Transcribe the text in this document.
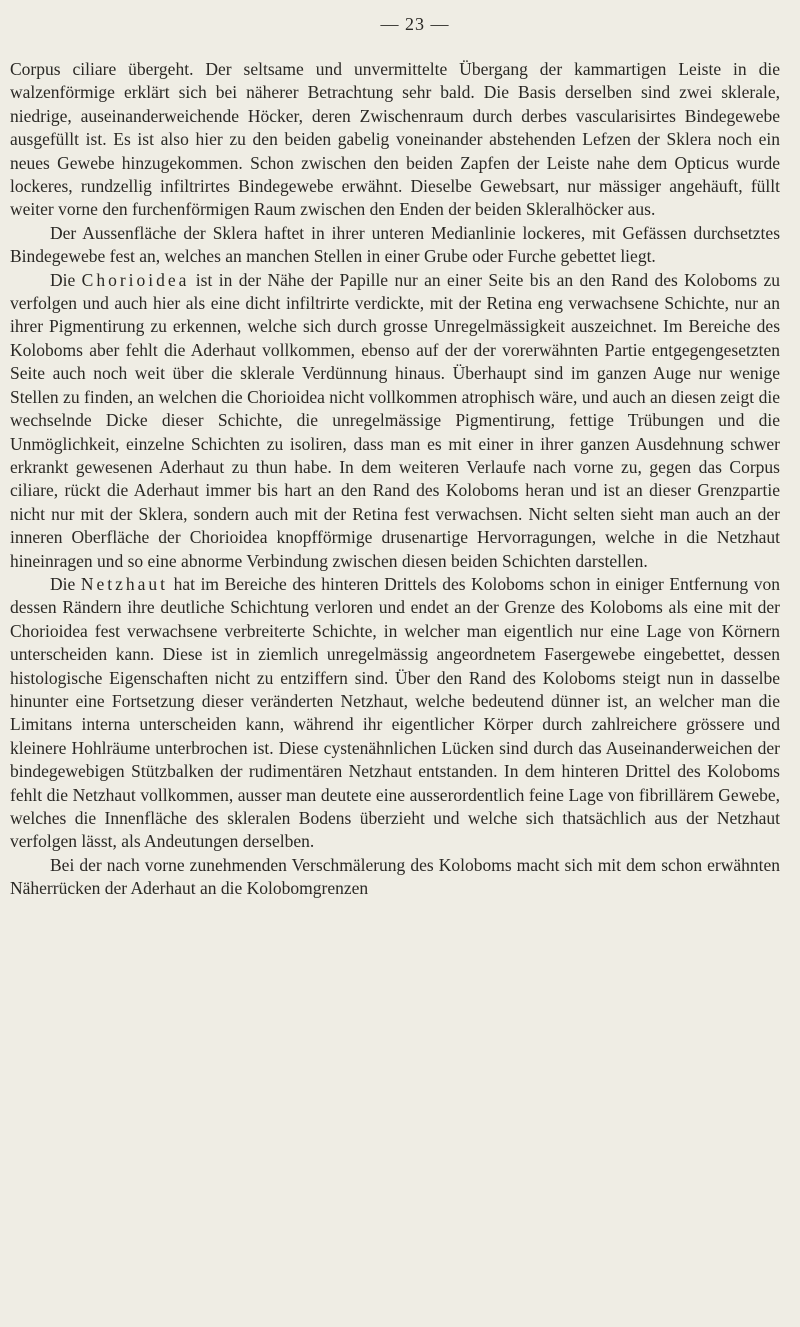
— 23 —

Corpus ciliare übergeht. Der seltsame und unvermittelte Übergang der kammartigen Leiste in die walzenförmige erklärt sich bei näherer Betrachtung sehr bald. Die Basis derselben sind zwei sklerale, niedrige, auseinanderweichende Höcker, deren Zwischenraum durch derbes vascularisirtes Bindegewebe ausgefüllt ist. Es ist also hier zu den beiden gabelig voneinander abstehenden Lefzen der Sklera noch ein neues Gewebe hinzugekommen. Schon zwischen den beiden Zapfen der Leiste nahe dem Opticus wurde lockeres, rundzellig infiltrirtes Bindegewebe erwähnt. Dieselbe Gewebsart, nur mässiger angehäuft, füllt weiter vorne den furchenförmigen Raum zwischen den Enden der beiden Skleralhöcker aus.

Der Aussenfläche der Sklera haftet in ihrer unteren Medianlinie lockeres, mit Gefässen durchsetztes Bindegewebe fest an, welches an manchen Stellen in einer Grube oder Furche gebettet liegt.

Die Chorioidea ist in der Nähe der Papille nur an einer Seite bis an den Rand des Koloboms zu verfolgen und auch hier als eine dicht infiltrirte verdickte, mit der Retina eng verwachsene Schichte, nur an ihrer Pigmentirung zu erkennen, welche sich durch grosse Unregelmässigkeit auszeichnet. Im Bereiche des Koloboms aber fehlt die Aderhaut vollkommen, ebenso auf der der vorerwähnten Partie entgegengesetzten Seite auch noch weit über die sklerale Verdünnung hinaus. Überhaupt sind im ganzen Auge nur wenige Stellen zu finden, an welchen die Chorioidea nicht vollkommen atrophisch wäre, und auch an diesen zeigt die wechselnde Dicke dieser Schichte, die unregelmässige Pigmentirung, fettige Trübungen und die Unmöglichkeit, einzelne Schichten zu isoliren, dass man es mit einer in ihrer ganzen Ausdehnung schwer erkrankt gewesenen Aderhaut zu thun habe. In dem weiteren Verlaufe nach vorne zu, gegen das Corpus ciliare, rückt die Aderhaut immer bis hart an den Rand des Koloboms heran und ist an dieser Grenzpartie nicht nur mit der Sklera, sondern auch mit der Retina fest verwachsen. Nicht selten sieht man auch an der inneren Oberfläche der Chorioidea knopfförmige drusenartige Hervorragungen, welche in die Netzhaut hineinragen und so eine abnorme Verbindung zwischen diesen beiden Schichten darstellen.

Die Netzhaut hat im Bereiche des hinteren Drittels des Koloboms schon in einiger Entfernung von dessen Rändern ihre deutliche Schichtung verloren und endet an der Grenze des Koloboms als eine mit der Chorioidea fest verwachsene verbreiterte Schichte, in welcher man eigentlich nur eine Lage von Körnern unterscheiden kann. Diese ist in ziemlich unregelmässig angeordnetem Fasergewebe eingebettet, dessen histologische Eigenschaften nicht zu entziffern sind. Über den Rand des Koloboms steigt nun in dasselbe hinunter eine Fortsetzung dieser veränderten Netzhaut, welche bedeutend dünner ist, an welcher man die Limitans interna unterscheiden kann, während ihr eigentlicher Körper durch zahlreichere grössere und kleinere Hohlräume unterbrochen ist. Diese cystenähnlichen Lücken sind durch das Auseinanderweichen der bindegewebigen Stützbalken der rudimentären Netzhaut entstanden. In dem hinteren Drittel des Koloboms fehlt die Netzhaut vollkommen, ausser man deutete eine ausserordentlich feine Lage von fibrillärem Gewebe, welches die Innenfläche des skleralen Bodens überzieht und welche sich thatsächlich aus der Netzhaut verfolgen lässt, als Andeutungen derselben.

Bei der nach vorne zunehmenden Verschmälerung des Koloboms macht sich mit dem schon erwähnten Näherrücken der Aderhaut an die Kolobomgrenzen
